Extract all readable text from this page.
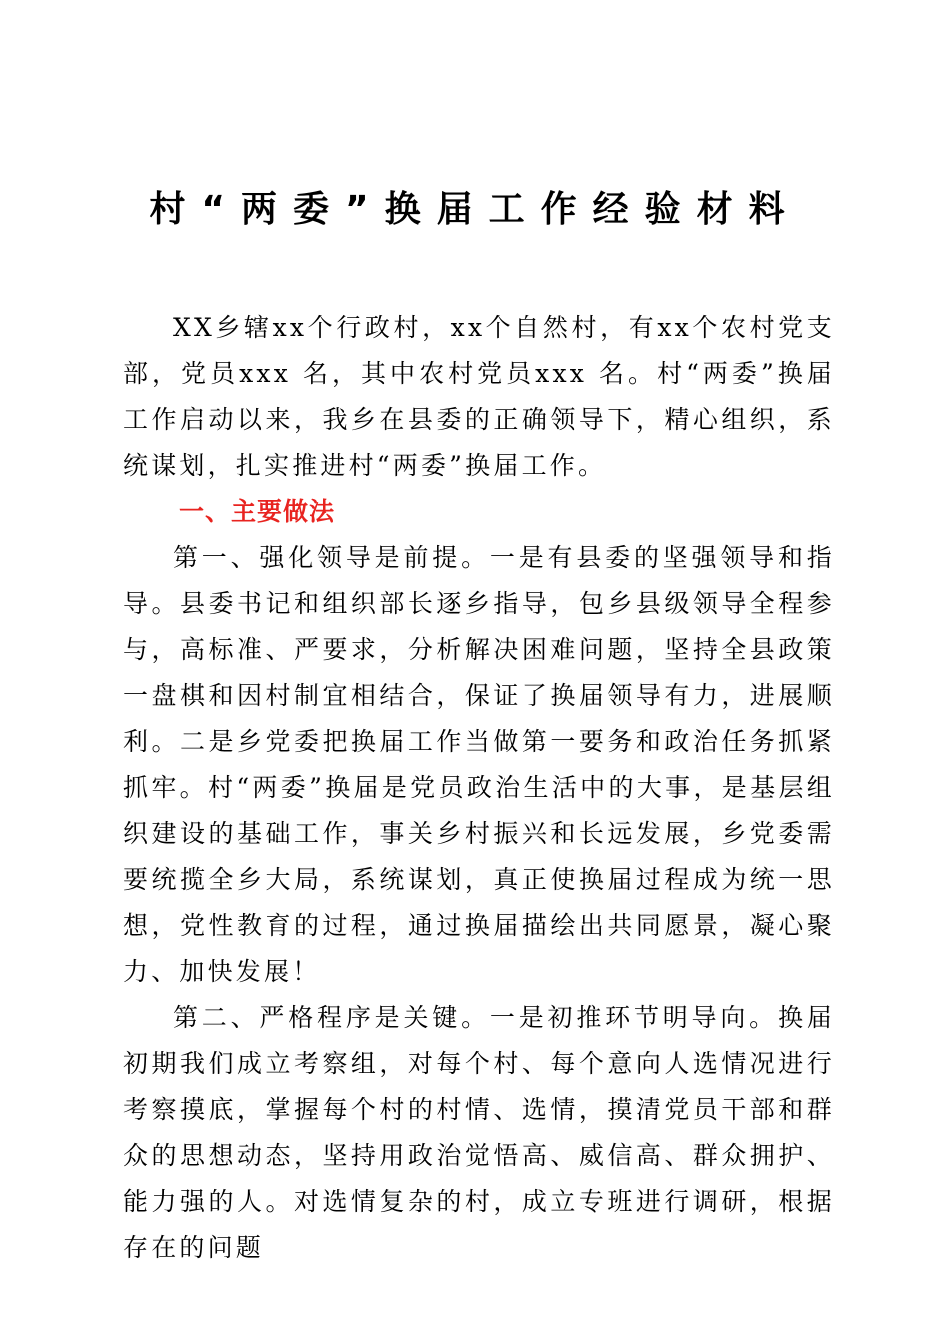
村“两委”换届工作经验材料

XX乡辖xx个行政村，xx个自然村，有xx个农村党支部，党员xxx 名，其中农村党员xxx 名。村“两委”换届工作启动以来，我乡在县委的正确领导下，精心组织，系统谋划，扎实推进村“两委”换届工作。

一、主要做法

第一、强化领导是前提。一是有县委的坚强领导和指导。县委书记和组织部长逐乡指导，包乡县级领导全程参与，高标准、严要求，分析解决困难问题，坚持全县政策一盘棋和因村制宜相结合，保证了换届领导有力，进展顺利。二是乡党委把换届工作当做第一要务和政治任务抓紧抓牢。村“两委”换届是党员政治生活中的大事，是基层组织建设的基础工作，事关乡村振兴和长远发展，乡党委需要统揽全乡大局，系统谋划，真正使换届过程成为统一思想，党性教育的过程，通过换届描绘出共同愿景，凝心聚力、加快发展！

第二、严格程序是关键。一是初推环节明导向。换届初期我们成立考察组，对每个村、每个意向人选情况进行考察摸底，掌握每个村的村情、选情，摸清党员干部和群众的思想动态，坚持用政治觉悟高、威信高、群众拥护、能力强的人。对选情复杂的村，成立专班进行调研，根据存在的问题
